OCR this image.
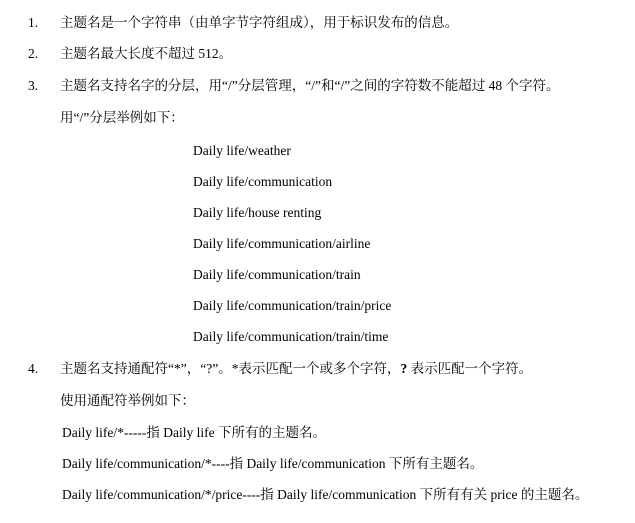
1.	主题名是一个字符串（由单字节字符组成），用于标识发布的信息。
2.	主题名最大长度不超过 512。
3.	主题名支持名字的分层，用“/”分层管理，“/”和“/”之间的字符数不能超过 48 个字符。
用“/”分层举例如下：
Daily life/weather
Daily life/communication
Daily life/house renting
Daily life/communication/airline
Daily life/communication/train
Daily life/communication/train/price
Daily life/communication/train/time
4.	主题名支持通配符“*”，“?”。*表示匹配一个或多个字符，? 表示匹配一个字符。
使用通配符举例如下：
Daily life/*-----指 Daily life 下所有的主题名。
Daily life/communication/*----指 Daily life/communication 下所有主题名。
Daily life/communication/*/price----指 Daily life/communication 下所有有关 price 的主题名。
